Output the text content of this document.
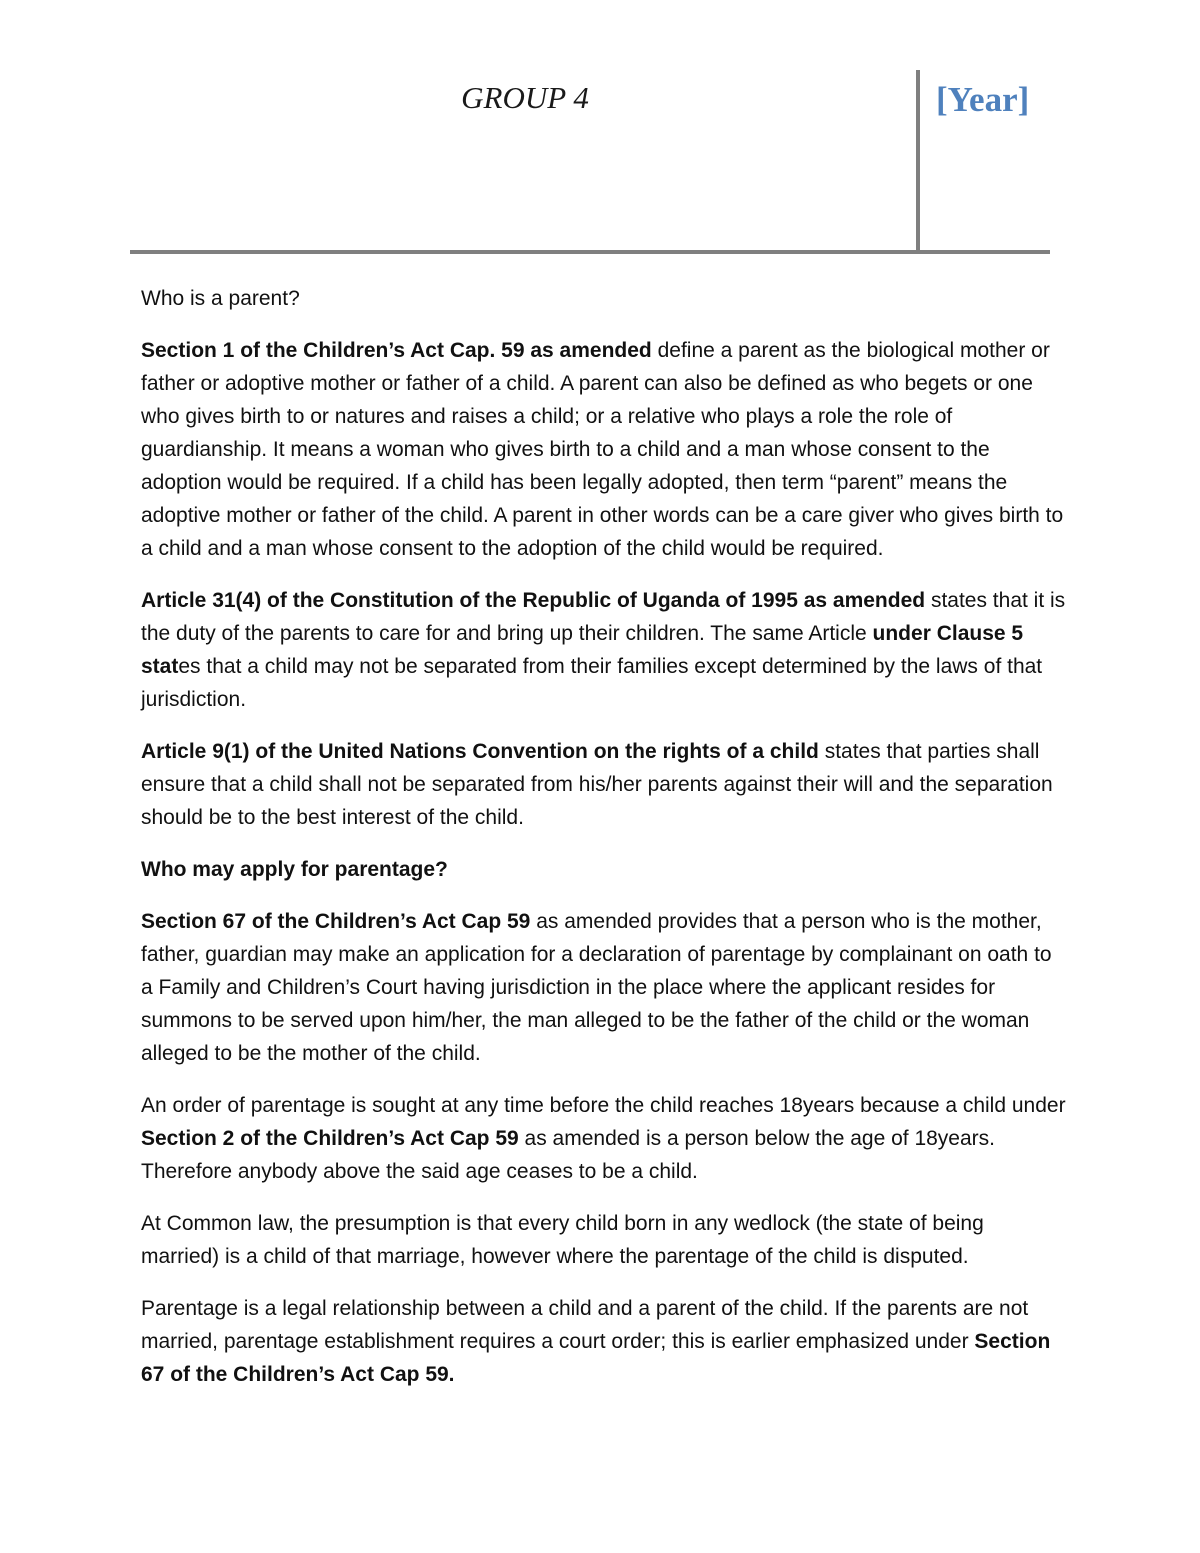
GROUP 4	[Year]

Who is a parent?

Section 1 of the Children’s Act Cap. 59 as amended define a parent as the biological mother or father or adoptive mother or father of a child. A parent can also be defined as who begets or one who gives birth to or natures and raises a child; or a relative who plays a role the role of guardianship. It means a woman who gives birth to a child and a man whose consent to the adoption would be required. If a child has been legally adopted, then term “parent” means the adoptive mother or father of the child. A parent in other words can be a care giver who gives birth to a child and a man whose consent to the adoption of the child would be required.

Article 31(4) of the Constitution of the Republic of Uganda of 1995 as amended states that it is the duty of the parents to care for and bring up their children. The same Article under Clause 5 states that a child may not be separated from their families except determined by the laws of that jurisdiction.

Article 9(1) of the United Nations Convention on the rights of a child states that parties shall ensure that a child shall not be separated from his/her parents against their will and the separation should be to the best interest of the child.

Who may apply for parentage?

Section 67 of the Children’s Act Cap 59 as amended provides that a person who is the mother, father, guardian may make an application for a declaration of parentage by complainant on oath to a Family and Children’s Court having jurisdiction in the place where the applicant resides for summons to be served upon him/her, the man alleged to be the father of the child or the woman alleged to be the mother of the child.

An order of parentage is sought at any time before the child reaches 18years because a child under Section 2 of the Children’s Act Cap 59 as amended is a person below the age of 18years. Therefore anybody above the said age ceases to be a child.

At Common law, the presumption is that every child born in any wedlock (the state of being married) is a child of that marriage, however where the parentage of the child is disputed.

Parentage is a legal relationship between a child and a parent of the child. If the parents are not married, parentage establishment requires a court order; this is earlier emphasized under Section 67 of the Children’s Act Cap 59.
